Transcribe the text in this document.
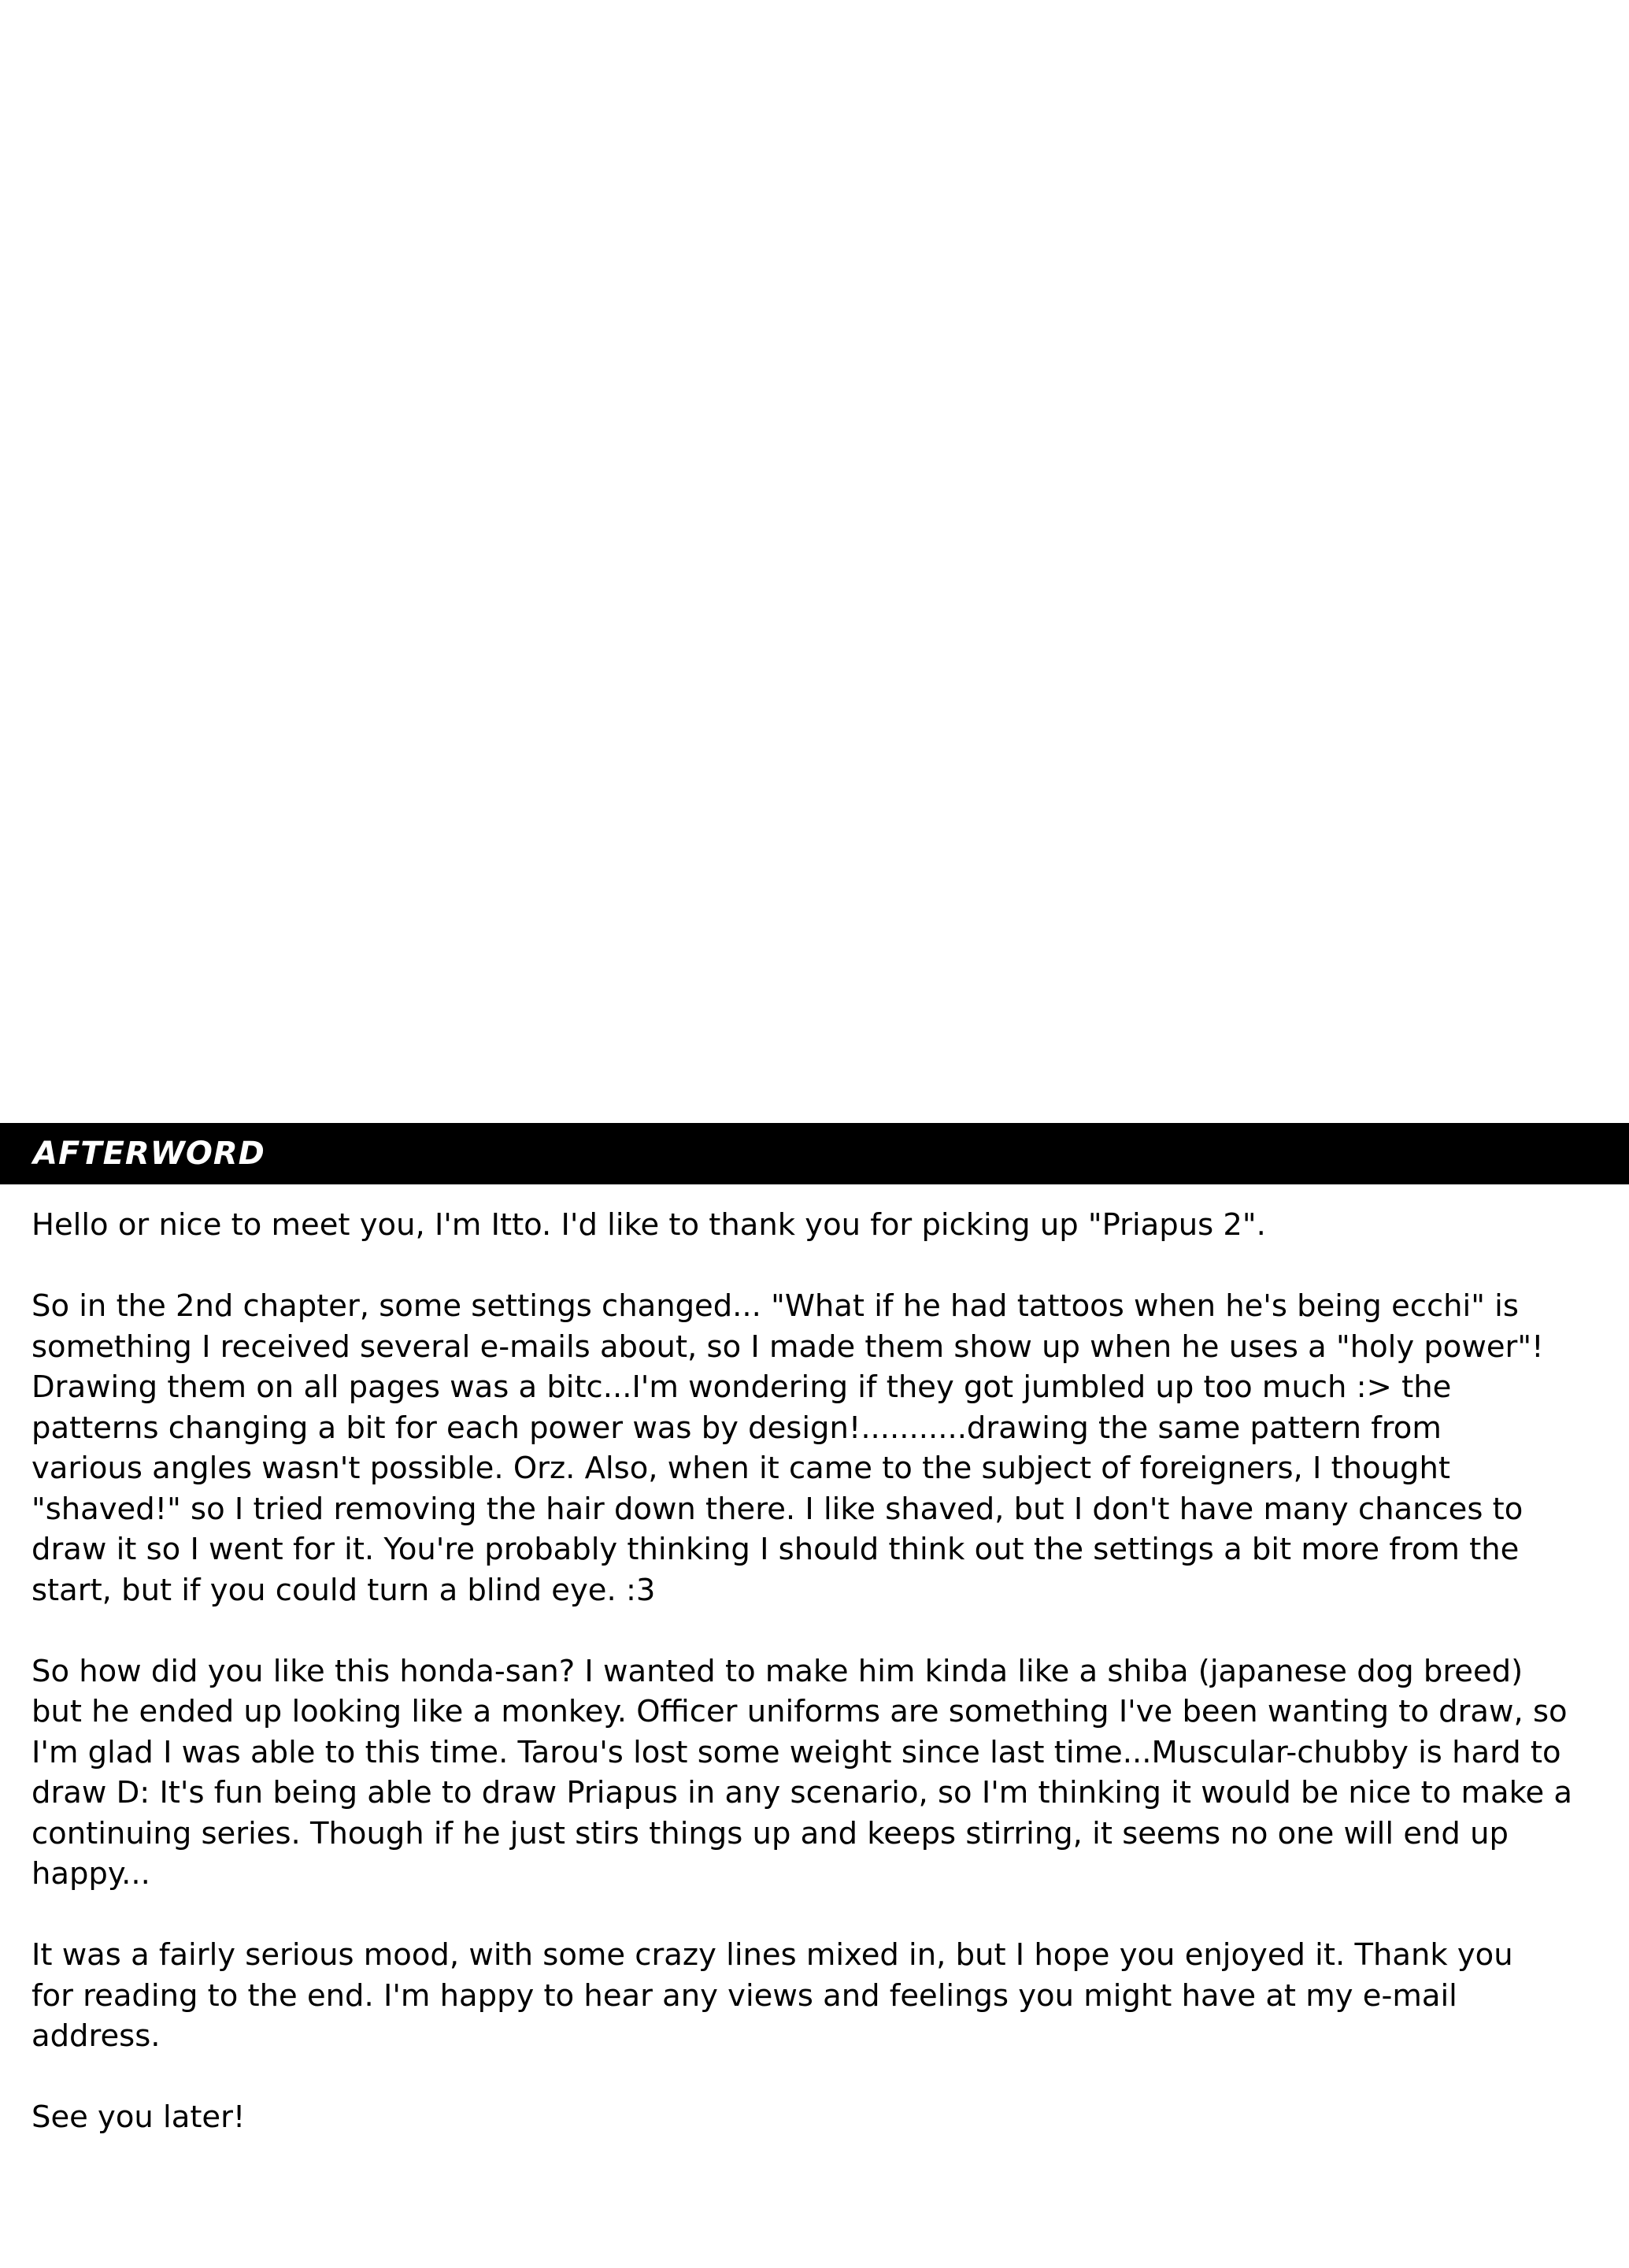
AFTERWORD

Hello or nice to meet you, I'm Itto. I'd like to thank you for picking up "Priapus 2".

So in the 2nd chapter, some settings changed... "What if he had tattoos when he's being ecchi" is
something I received several e-mails about, so I made them show up when he uses a "holy power"!
Drawing them on all pages was a bitc...I'm wondering if they got jumbled up too much :> the
patterns changing a bit for each power was by design!...........drawing the same pattern from
various angles wasn't possible. Orz. Also, when it came to the subject of foreigners, I thought
"shaved!" so I tried removing the hair down there. I like shaved, but I don't have many chances to
draw it so I went for it. You're probably thinking I should think out the settings a bit more from the
start, but if you could turn a blind eye. :3

So how did you like this honda-san? I wanted to make him kinda like a shiba (japanese dog breed)
but he ended up looking like a monkey. Officer uniforms are something I've been wanting to draw, so
I'm glad I was able to this time. Tarou's lost some weight since last time...Muscular-chubby is hard to
draw D: It's fun being able to draw Priapus in any scenario, so I'm thinking it would be nice to make a
continuing series. Though if he just stirs things up and keeps stirring, it seems no one will end up
happy...

It was a fairly serious mood, with some crazy lines mixed in, but I hope you enjoyed it. Thank you
for reading to the end. I'm happy to hear any views and feelings you might have at my e-mail
address.

See you later!
